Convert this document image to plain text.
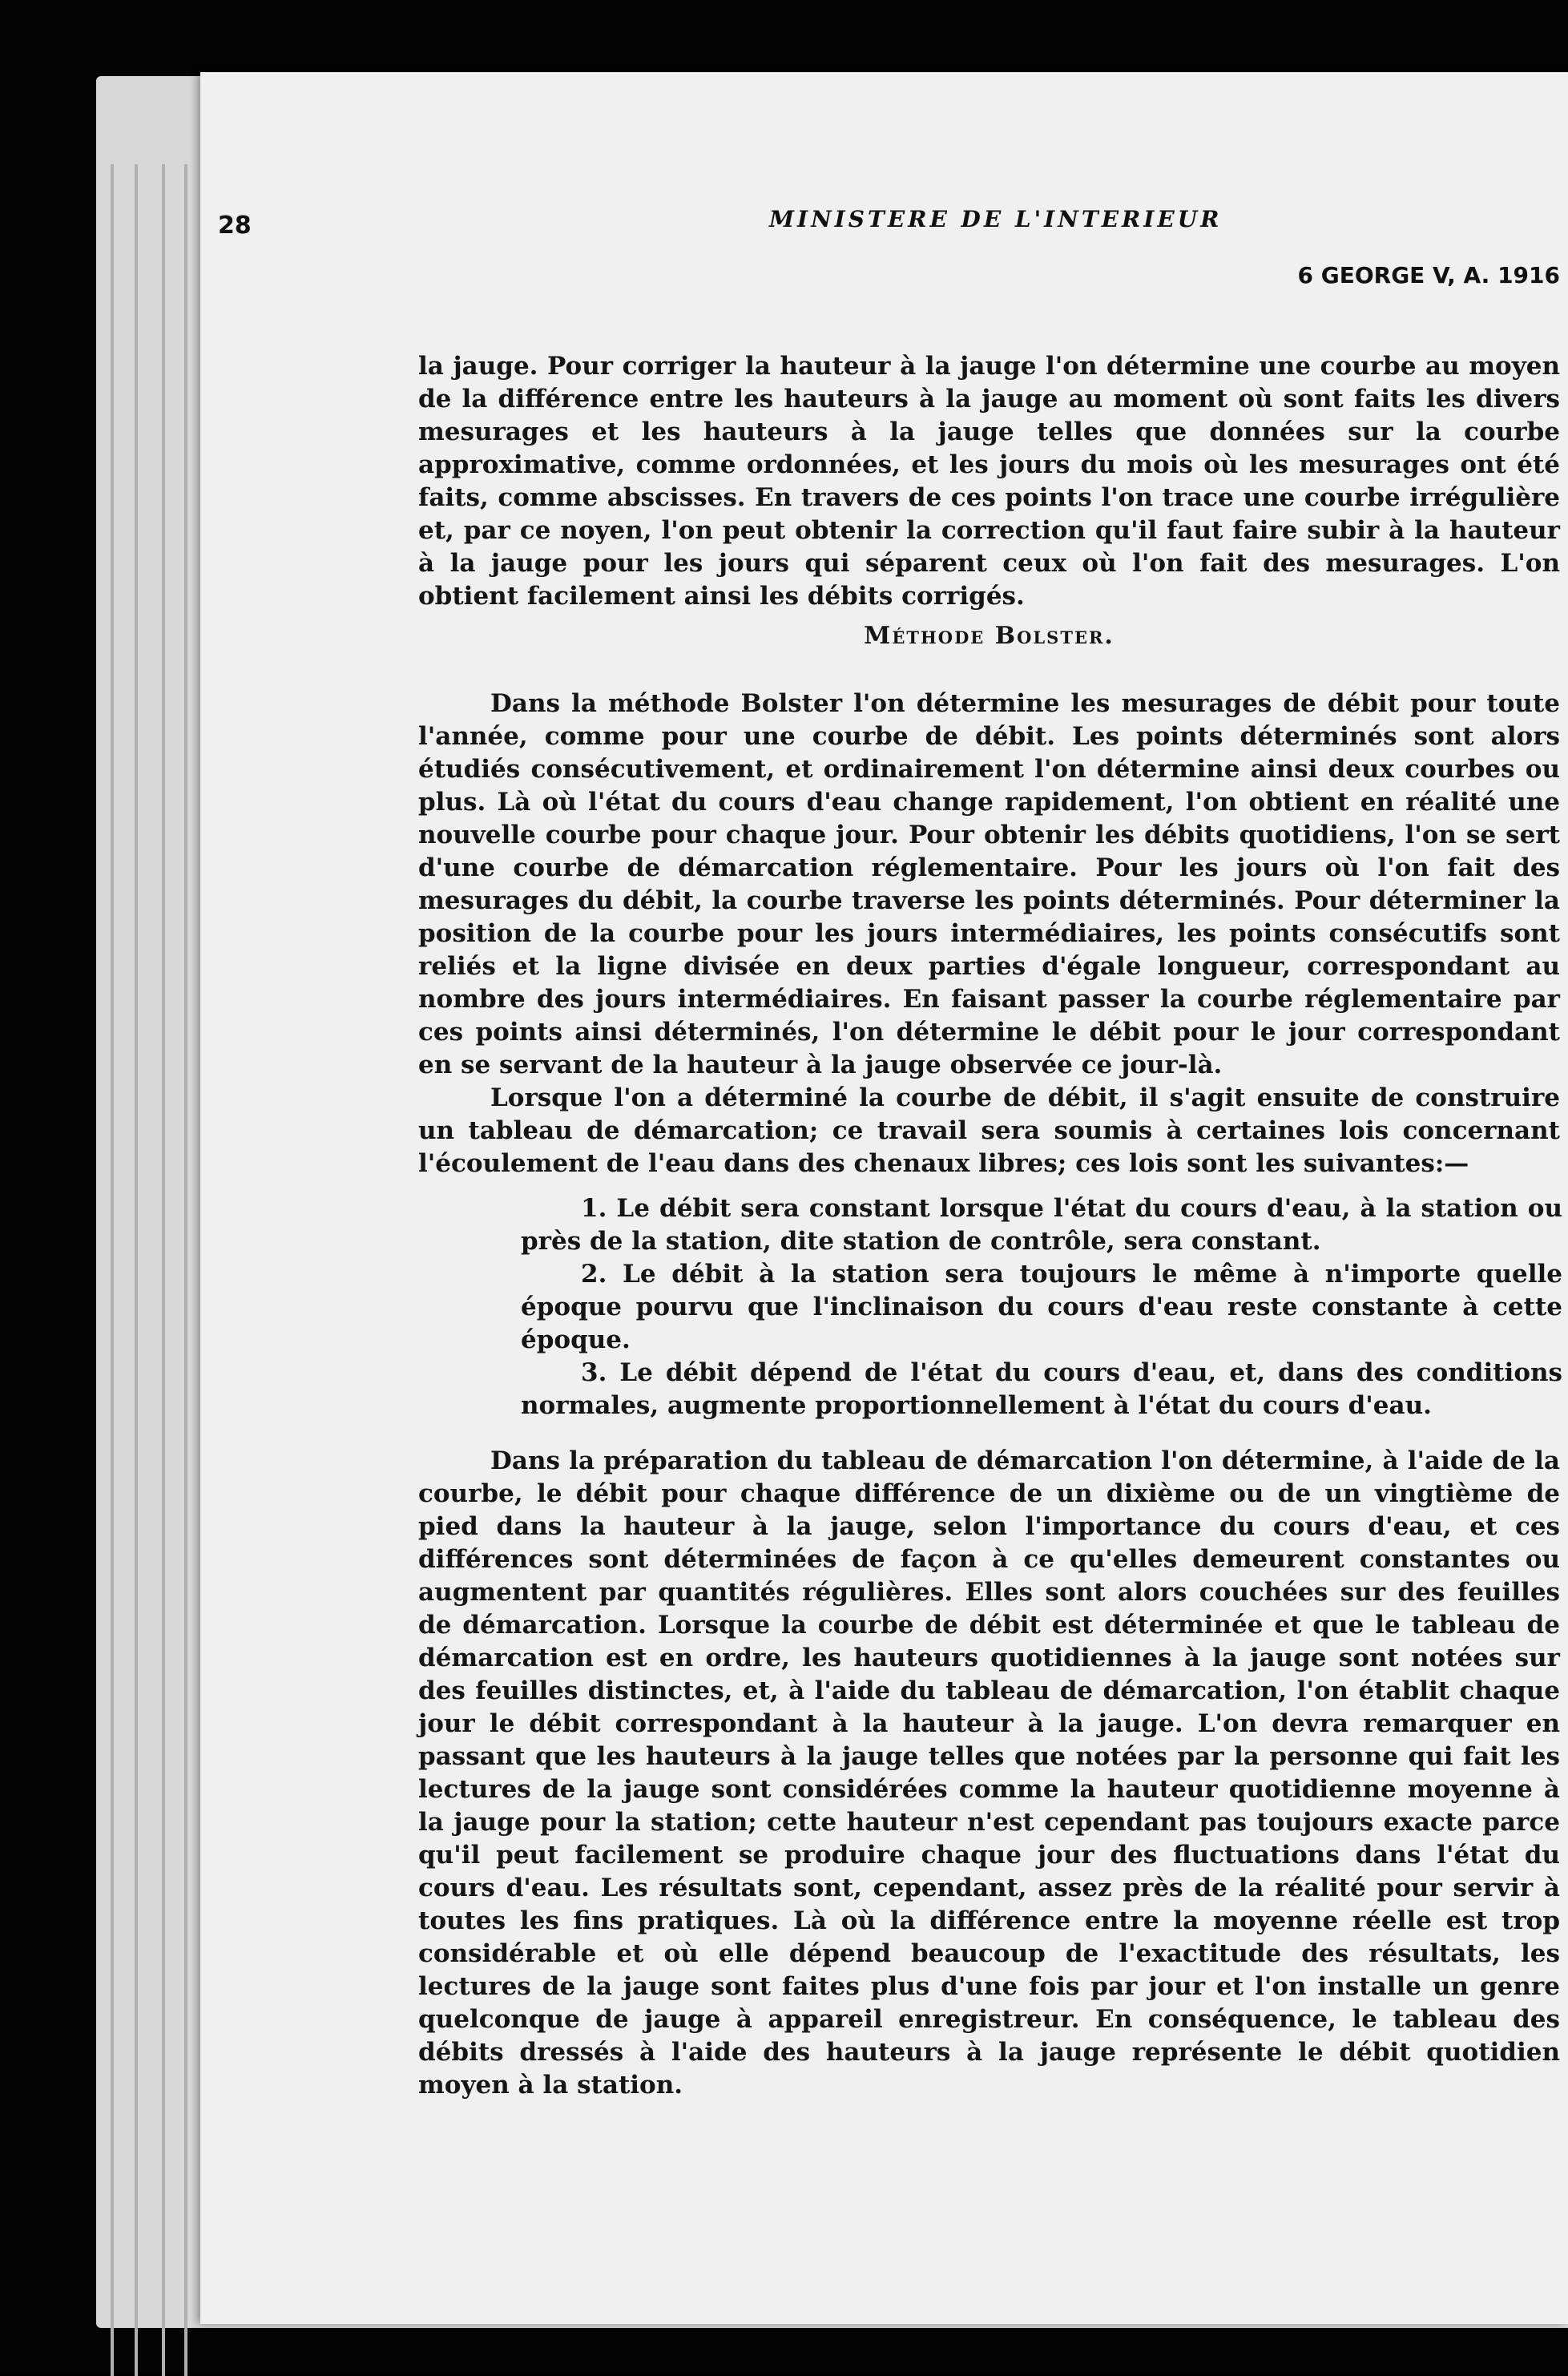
28	MINISTERE DE L'INTERIEUR
6 GEORGE V, A. 1916

la jauge. Pour corriger la hauteur à la jauge l'on détermine une courbe au moyen de la différence entre les hauteurs à la jauge au moment où sont faits les divers mesurages et les hauteurs à la jauge telles que données sur la courbe approximative, comme ordonnées, et les jours du mois où les mesurages ont été faits, comme abscisses. En travers de ces points l'on trace une courbe irrégulière et, par ce noyen, l'on peut obtenir la correction qu'il faut faire subir à la hauteur à la jauge pour les jours qui séparent ceux où l'on fait des mesurages. L'on obtient facilement ainsi les débits corrigés.

Méthode Bolster.

Dans la méthode Bolster l'on détermine les mesurages de débit pour toute l'année, comme pour une courbe de débit. Les points déterminés sont alors étudiés consécutivement, et ordinairement l'on détermine ainsi deux courbes ou plus. Là où l'état du cours d'eau change rapidement, l'on obtient en réalité une nouvelle courbe pour chaque jour. Pour obtenir les débits quotidiens, l'on se sert d'une courbe de démarcation réglementaire. Pour les jours où l'on fait des mesurages du débit, la courbe traverse les points déterminés. Pour déterminer la position de la courbe pour les jours intermédiaires, les points consécutifs sont reliés et la ligne divisée en deux parties d'égale longueur, correspondant au nombre des jours intermédiaires. En faisant passer la courbe réglementaire par ces points ainsi déterminés, l'on détermine le débit pour le jour correspondant en se servant de la hauteur à la jauge observée ce jour-là.

Lorsque l'on a déterminé la courbe de débit, il s'agit ensuite de construire un tableau de démarcation; ce travail sera soumis à certaines lois concernant l'écoulement de l'eau dans des chenaux libres; ces lois sont les suivantes:—

1. Le débit sera constant lorsque l'état du cours d'eau, à la station ou près de la station, dite station de contrôle, sera constant.

2. Le débit à la station sera toujours le même à n'importe quelle époque pourvu que l'inclinaison du cours d'eau reste constante à cette époque.

3. Le débit dépend de l'état du cours d'eau, et, dans des conditions normales, augmente proportionnellement à l'état du cours d'eau.

Dans la préparation du tableau de démarcation l'on détermine, à l'aide de la courbe, le débit pour chaque différence de un dixième ou de un vingtième de pied dans la hauteur à la jauge, selon l'importance du cours d'eau, et ces différences sont déterminées de façon à ce qu'elles demeurent constantes ou augmentent par quantités régulières. Elles sont alors couchées sur des feuilles de démarcation. Lorsque la courbe de débit est déterminée et que le tableau de démarcation est en ordre, les hauteurs quotidiennes à la jauge sont notées sur des feuilles distinctes, et, à l'aide du tableau de démarcation, l'on établit chaque jour le débit correspondant à la hauteur à la jauge. L'on devra remarquer en passant que les hauteurs à la jauge telles que notées par la personne qui fait les lectures de la jauge sont considérées comme la hauteur quotidienne moyenne à la jauge pour la station; cette hauteur n'est cependant pas toujours exacte parce qu'il peut facilement se produire chaque jour des fluctuations dans l'état du cours d'eau. Les résultats sont, cependant, assez près de la réalité pour servir à toutes les fins pratiques. Là où la différence entre la moyenne réelle est trop considérable et où elle dépend beaucoup de l'exactitude des résultats, les lectures de la jauge sont faites plus d'une fois par jour et l'on installe un genre quelconque de jauge à appareil enregistreur. En conséquence, le tableau des débits dressés à l'aide des hauteurs à la jauge représente le débit quotidien moyen à la station.
